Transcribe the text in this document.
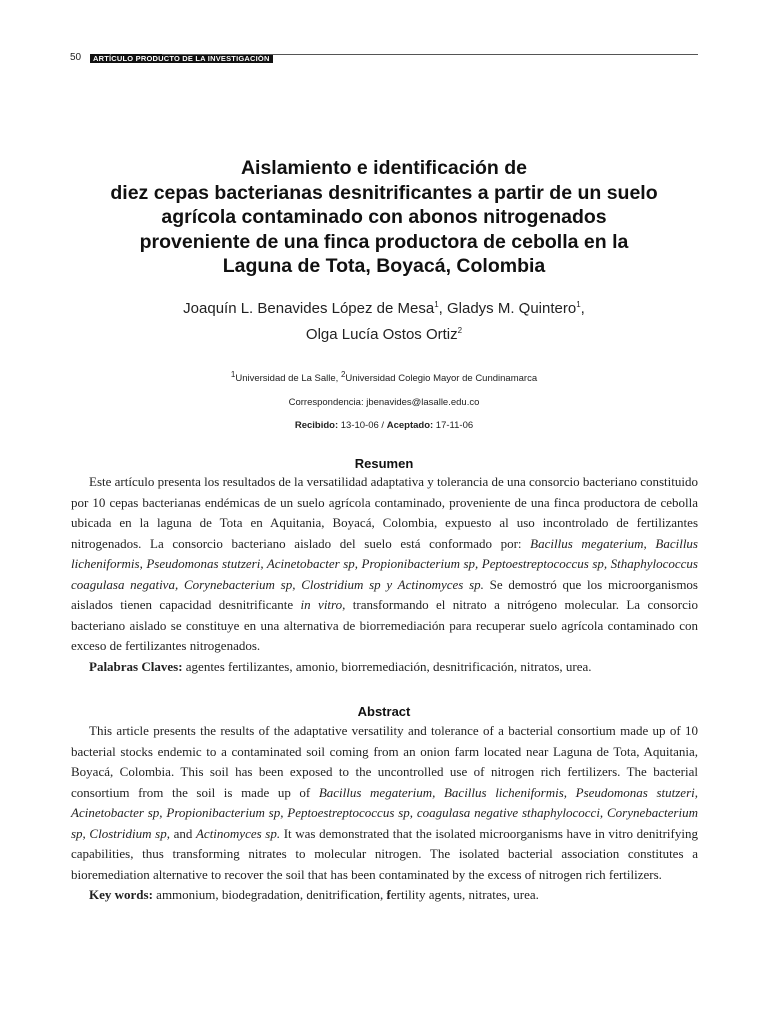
50	ARTÍCULO PRODUCTO DE LA INVESTIGACIÓN
Aislamiento e identificación de
diez cepas bacterianas desnitrificantes a partir de un suelo
agrícola contaminado con abonos nitrogenados
proveniente de una finca productora de cebolla en la
Laguna de Tota, Boyacá, Colombia
Joaquín L. Benavides López de Mesa$^1$, Gladys M. Quintero$^1$,
Olga Lucía Ostos Ortiz$^2$
$^1$Universidad de La Salle, $^2$Universidad Colegio Mayor de Cundinamarca
Correspondencia: jbenavides@lasalle.edu.co
Recibido: 13-10-06 / Aceptado: 17-11-06
Resumen

Este artículo presenta los resultados de la versatilidad adaptativa y tolerancia de una consorcio bacteriano constituido por 10 cepas bacterianas endémicas de un suelo agrícola contaminado, proveniente de una finca productora de cebolla ubicada en la laguna de Tota en Aquitania, Boyacá, Colombia, expuesto al uso incontrolado de fertilizantes nitrogenados. La consorcio bacteriano aislado del suelo está conformado por: Bacillus megaterium, Bacillus licheniformis, Pseudomonas stutzeri, Acinetobacter sp, Propionibacterium sp, Peptoestreptococcus sp, Sthaphylococcus coagulasa negativa, Corynebacterium sp, Clostridium sp y Actinomyces sp. Se demostró que los microorganismos aislados tienen capacidad desnitrificante in vitro, transformando el nitrato a nitrógeno molecular. La consorcio bacteriano aislado se constituye en una alternativa de biorremediación para recuperar suelo agrícola contaminado con exceso de fertilizantes nitrogenados.

Palabras Claves: agentes fertilizantes, amonio, biorremediación, desnitrificación, nitratos, urea.

Abstract

This article presents the results of the adaptative versatility and tolerance of a bacterial consortium made up of 10 bacterial stocks endemic to a contaminated soil coming from an onion farm located near Laguna de Tota, Aquitania, Boyacá, Colombia. This soil has been exposed to the uncontrolled use of nitrogen rich fertilizers. The bacterial consortium from the soil is made up of Bacillus megaterium, Bacillus licheniformis, Pseudomonas stutzeri, Acinetobacter sp, Propionibacterium sp, Peptoestreptococcus sp, coagulasa negative sthaphylococci, Corynebacterium sp, Clostridium sp, and Actinomyces sp. It was demonstrated that the isolated microorganisms have in vitro denitrifying capabilities, thus transforming nitrates to molecular nitrogen. The isolated bacterial association constitutes a bioremediation alternative to recover the soil that has been contaminated by the excess of nitrogen rich fertilizers.

Key words: ammonium, biodegradation, denitrification, fertility agents, nitrates, urea.
